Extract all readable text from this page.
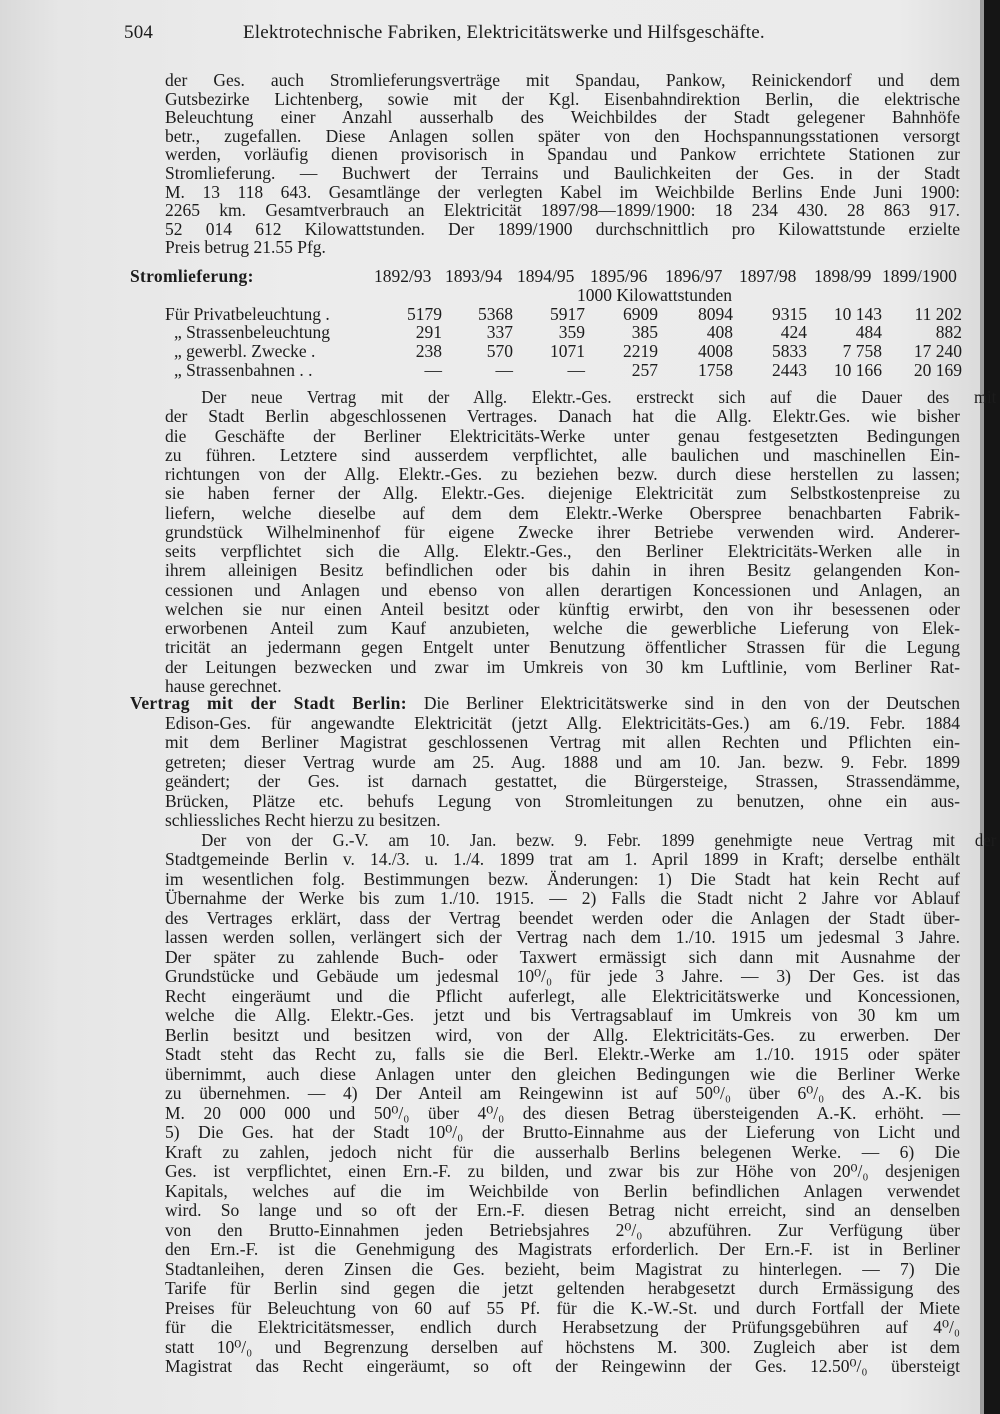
504	Elektrotechnische Fabriken, Elektricitätswerke und Hilfsgeschäfte.
der Ges. auch Stromlieferungsverträge mit Spandau, Pankow, Reinickendorf und dem
Gutsbezirke Lichtenberg, sowie mit der Kgl. Eisenbahndirektion Berlin, die elektrische
Beleuchtung einer Anzahl ausserhalb des Weichbildes der Stadt gelegener Bahnhöfe
betr., zugefallen. Diese Anlagen sollen später von den Hochspannungsstationen versorgt
werden, vorläufig dienen provisorisch in Spandau und Pankow errichtete Stationen zur
Stromlieferung. — Buchwert der Terrains und Baulichkeiten der Ges. in der Stadt
M. 13 118 643. Gesamtlänge der verlegten Kabel im Weichbilde Berlins Ende Juni 1900:
2265 km. Gesamtverbrauch an Elektricität 1897/98—1899/1900: 18 234 430. 28 863 917.
52 014 612 Kilowattstunden. Der 1899/1900 durchschnittlich pro Kilowattstunde erzielte
Preis betrug 21.55 Pfg.
Stromlieferung:	1892/93 1893/94 1894/95 1895/96 1896/97 1897/98 1898/99 1899/1900
1000 Kilowattstunden
Für Privatbeleuchtung .	5179	5368	5917	6909	8094	9315	10 143	11 202
„ Strassenbeleuchtung	291	337	359	385	408	424	484	882
„ gewerbl. Zwecke .	238	570	1071	2219	4008	5833	7 758	17 240
„ Strassenbahnen . .	—	—	—	257	1758	2443	10 166	20 169
Der neue Vertrag mit der Allg. Elektr.-Ges. erstreckt sich auf die Dauer des mit
der Stadt Berlin abgeschlossenen Vertrages. Danach hat die Allg. Elektr.Ges. wie bisher
die Geschäfte der Berliner Elektricitäts-Werke unter genau festgesetzten Bedingungen
zu führen. Letztere sind ausserdem verpflichtet, alle baulichen und maschinellen Ein-
richtungen von der Allg. Elektr.-Ges. zu beziehen bezw. durch diese herstellen zu lassen;
sie haben ferner der Allg. Elektr.-Ges. diejenige Elektricität zum Selbstkostenpreise zu
liefern, welche dieselbe auf dem dem Elektr.-Werke Oberspree benachbarten Fabrik-
grundstück Wilhelminenhof für eigene Zwecke ihrer Betriebe verwenden wird. Anderer-
seits verpflichtet sich die Allg. Elektr.-Ges., den Berliner Elektricitäts-Werken alle in
ihrem alleinigen Besitz befindlichen oder bis dahin in ihren Besitz gelangenden Kon-
cessionen und Anlagen und ebenso von allen derartigen Koncessionen und Anlagen, an
welchen sie nur einen Anteil besitzt oder künftig erwirbt, den von ihr besessenen oder
erworbenen Anteil zum Kauf anzubieten, welche die gewerbliche Lieferung von Elek-
tricität an jedermann gegen Entgelt unter Benutzung öffentlicher Strassen für die Legung
der Leitungen bezwecken und zwar im Umkreis von 30 km Luftlinie, vom Berliner Rat-
hause gerechnet.
Vertrag mit der Stadt Berlin: Die Berliner Elektricitätswerke sind in den von der Deutschen
Edison-Ges. für angewandte Elektricität (jetzt Allg. Elektricitäts-Ges.) am 6./19. Febr. 1884
mit dem Berliner Magistrat geschlossenen Vertrag mit allen Rechten und Pflichten ein-
getreten; dieser Vertrag wurde am 25. Aug. 1888 und am 10. Jan. bezw. 9. Febr. 1899
geändert; der Ges. ist darnach gestattet, die Bürgersteige, Strassen, Strassendämme,
Brücken, Plätze etc. behufs Legung von Stromleitungen zu benutzen, ohne ein aus-
schliessliches Recht hierzu zu besitzen.
Der von der G.-V. am 10. Jan. bezw. 9. Febr. 1899 genehmigte neue Vertrag mit der
Stadtgemeinde Berlin v. 14./3. u. 1./4. 1899 trat am 1. April 1899 in Kraft; derselbe enthält
im wesentlichen folg. Bestimmungen bezw. Änderungen: 1) Die Stadt hat kein Recht auf
Übernahme der Werke bis zum 1./10. 1915. — 2) Falls die Stadt nicht 2 Jahre vor Ablauf
des Vertrages erklärt, dass der Vertrag beendet werden oder die Anlagen der Stadt über-
lassen werden sollen, verlängert sich der Vertrag nach dem 1./10. 1915 um jedesmal 3 Jahre.
Der später zu zahlende Buch- oder Taxwert ermässigt sich dann mit Ausnahme der
Grundstücke und Gebäude um jedesmal 10⁰/₀ für jede 3 Jahre. — 3) Der Ges. ist das
Recht eingeräumt und die Pflicht auferlegt, alle Elektricitätswerke und Koncessionen,
welche die Allg. Elektr.-Ges. jetzt und bis Vertragsablauf im Umkreis von 30 km um
Berlin besitzt und besitzen wird, von der Allg. Elektricitäts-Ges. zu erwerben. Der
Stadt steht das Recht zu, falls sie die Berl. Elektr.-Werke am 1./10. 1915 oder später
übernimmt, auch diese Anlagen unter den gleichen Bedingungen wie die Berliner Werke
zu übernehmen. — 4) Der Anteil am Reingewinn ist auf 50⁰/₀ über 6⁰/₀ des A.-K. bis
M. 20 000 000 und 50⁰/₀ über 4⁰/₀ des diesen Betrag übersteigenden A.-K. erhöht. —
5) Die Ges. hat der Stadt 10⁰/₀ der Brutto-Einnahme aus der Lieferung von Licht und
Kraft zu zahlen, jedoch nicht für die ausserhalb Berlins belegenen Werke. — 6) Die
Ges. ist verpflichtet, einen Ern.-F. zu bilden, und zwar bis zur Höhe von 20⁰/₀ desjenigen
Kapitals, welches auf die im Weichbilde von Berlin befindlichen Anlagen verwendet
wird. So lange und so oft der Ern.-F. diesen Betrag nicht erreicht, sind an denselben
von den Brutto-Einnahmen jeden Betriebsjahres 2⁰/₀ abzuführen. Zur Verfügung über
den Ern.-F. ist die Genehmigung des Magistrats erforderlich. Der Ern.-F. ist in Berliner
Stadtanleihen, deren Zinsen die Ges. bezieht, beim Magistrat zu hinterlegen. — 7) Die
Tarife für Berlin sind gegen die jetzt geltenden herabgesetzt durch Ermässigung des
Preises für Beleuchtung von 60 auf 55 Pf. für die K.-W.-St. und durch Fortfall der Miete
für die Elektricitätsmesser, endlich durch Herabsetzung der Prüfungsgebühren auf 4⁰/₀
statt 10⁰/₀ und Begrenzung derselben auf höchstens M. 300. Zugleich aber ist dem
Magistrat das Recht eingeräumt, so oft der Reingewinn der Ges. 12.50⁰/₀ übersteigt
